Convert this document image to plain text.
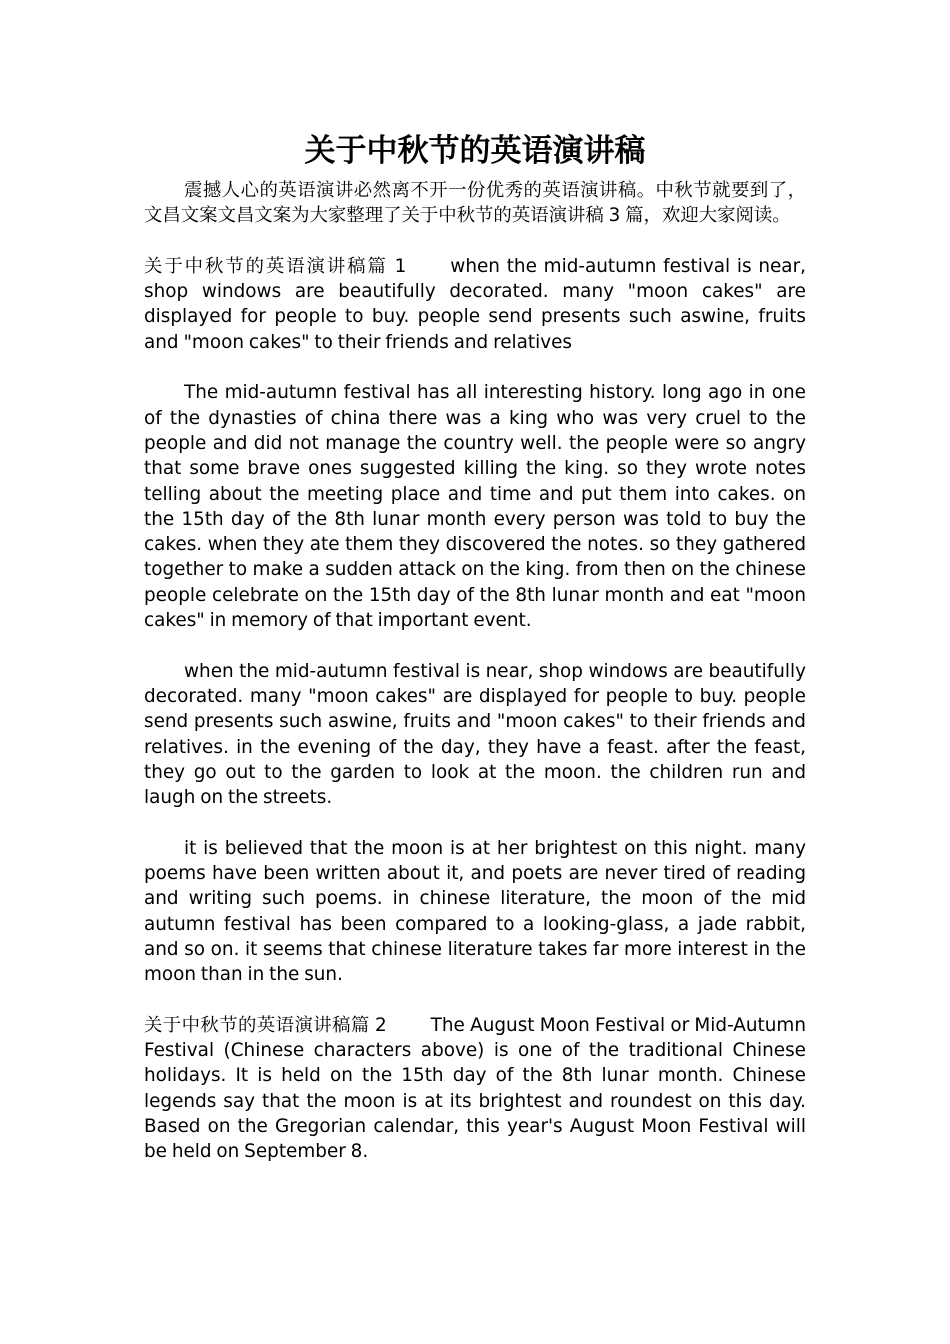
关于中秋节的英语演讲稿

震撼人心的英语演讲必然离不开一份优秀的英语演讲稿。中秋节就要到了，文昌文案文昌文案为大家整理了关于中秋节的英语演讲稿 3 篇，欢迎大家阅读。

关于中秋节的英语演讲稿篇 1 when the mid-autumn festival is near, shop windows are beautifully decorated. many "moon cakes" are displayed for people to buy. people send presents such aswine, fruits and "moon cakes" to their friends and relatives

The mid-autumn festival has all interesting history. long ago in one of the dynasties of china there was a king who was very cruel to the people and did not manage the country well. the people were so angry that some brave ones suggested killing the king. so they wrote notes telling about the meeting place and time and put them into cakes. on the 15th day of the 8th lunar month every person was told to buy the cakes. when they ate them they discovered the notes. so they gathered together to make a sudden attack on the king. from then on the chinese people celebrate on the 15th day of the 8th lunar month and eat "moon cakes" in memory of that important event.

when the mid-autumn festival is near, shop windows are beautifully decorated. many "moon cakes" are displayed for people to buy. people send presents such aswine, fruits and "moon cakes" to their friends and relatives. in the evening of the day, they have a feast. after the feast, they go out to the garden to look at the moon. the children run and laugh on the streets.

it is believed that the moon is at her brightest on this night. many poems have been written about it, and poets are never tired of reading and writing such poems. in chinese literature, the moon of the mid autumn festival has been compared to a looking-glass, a jade rabbit, and so on. it seems that chinese literature takes far more interest in the moon than in the sun.

关于中秋节的英语演讲稿篇 2 The August Moon Festival or Mid-Autumn Festival (Chinese characters above) is one of the traditional Chinese holidays. It is held on the 15th day of the 8th lunar month. Chinese legends say that the moon is at its brightest and roundest on this day. Based on the Gregorian calendar, this year's August Moon Festival will be held on September 8.
